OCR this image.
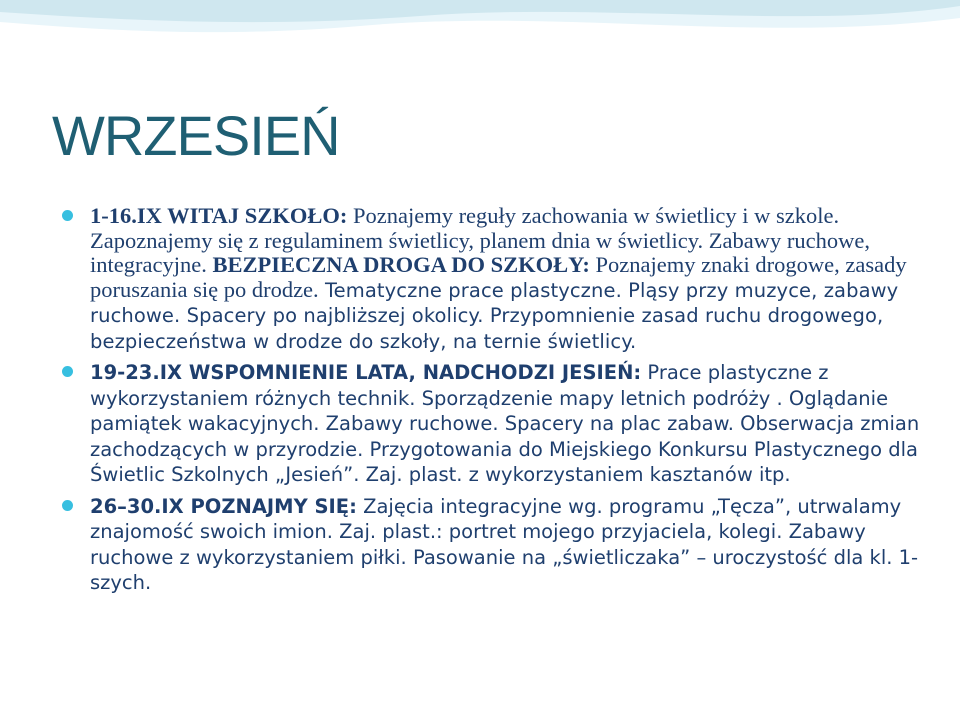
WRZESIEŃ
1-16.IX WITAJ SZKOŁO: Poznajemy reguły zachowania w świetlicy i w szkole. Zapoznajemy się z regulaminem świetlicy, planem dnia w świetlicy. Zabawy ruchowe, integracyjne. BEZPIECZNA DROGA DO SZKOŁY: Poznajemy znaki drogowe, zasady poruszania się po drodze. Tematyczne prace plastyczne. Pląsy przy muzyce, zabawy ruchowe. Spacery po najbliższej okolicy. Przypomnienie zasad ruchu drogowego, bezpieczeństwa w drodze do szkoły, na ternie świetlicy.
19-23.IX WSPOMNIENIE LATA, NADCHODZI JESIEŃ: Prace plastyczne z wykorzystaniem różnych technik. Sporządzenie mapy letnich podróży . Oglądanie pamiątek wakacyjnych. Zabawy ruchowe. Spacery na plac zabaw. Obserwacja zmian zachodzących w przyrodzie. Przygotowania do Miejskiego Konkursu Plastycznego dla Świetlic Szkolnych „Jesień”. Zaj. plast. z wykorzystaniem kasztanów itp.
26–30.IX POZNAJMY SIĘ: Zajęcia integracyjne wg. programu „Tęcza”, utrwalamy znajomość swoich imion. Zaj. plast.: portret mojego przyjaciela, kolegi. Zabawy ruchowe z wykorzystaniem piłki. Pasowanie na „świetliczaka” – uroczystość dla kl. 1-szych.
